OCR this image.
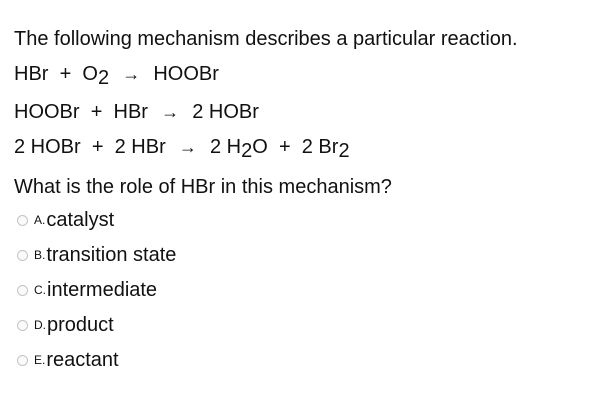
The following mechanism describes a particular reaction.
HBr + O2 → HOOBr
HOOBr + HBr → 2 HOBr
2 HOBr + 2 HBr → 2 H2O + 2 Br2
What is the role of HBr in this mechanism?
A. catalyst
B. transition state
C. intermediate
D. product
E. reactant
